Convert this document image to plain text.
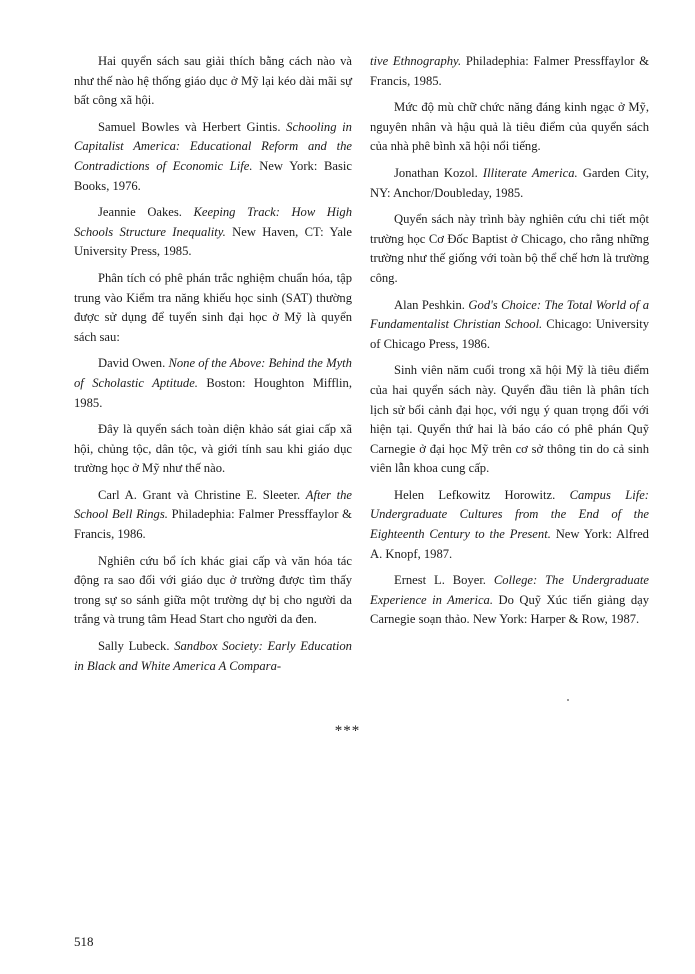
Hai quyển sách sau giải thích bằng cách nào và như thế nào hệ thống giáo dục ở Mỹ lại kéo dài mãi sự bất công xã hội.

Samuel Bowles và Herbert Gintis. Schooling in Capitalist America: Educational Reform and the Contradictions of Economic Life. New York: Basic Books, 1976.

Jeannie Oakes. Keeping Track: How High Schools Structure Inequality. New Haven, CT: Yale University Press, 1985.

Phân tích có phê phán trắc nghiệm chuẩn hóa, tập trung vào Kiểm tra năng khiếu học sinh (SAT) thường được sử dụng để tuyển sinh đại học ở Mỹ là quyển sách sau:

David Owen. None of the Above: Behind the Myth of Scholastic Aptitude. Boston: Houghton Mifflin, 1985.

Đây là quyển sách toàn diện khảo sát giai cấp xã hội, chủng tộc, dân tộc, và giới tính sau khi giáo dục trường học ở Mỹ như thế nào.

Carl A. Grant và Christine E. Sleeter. After the School Bell Rings. Philadephia: Falmer Pressffaylor & Francis, 1986.

Nghiên cứu bổ ích khác giai cấp và văn hóa tác động ra sao đối với giáo dục ở trường được tìm thấy trong sự so sánh giữa một trường dự bị cho người da trắng và trung tâm Head Start cho người da đen.

Sally Lubeck. Sandbox Society: Early Education in Black and White America A Compara-

tive Ethnography. Philadephia: Falmer Pressffaylor & Francis, 1985.

Mức độ mù chữ chức năng đáng kinh ngạc ở Mỹ, nguyên nhân và hậu quả là tiêu điểm của quyển sách của nhà phê bình xã hội nổi tiếng.

Jonathan Kozol. Illiterate America. Garden City, NY: Anchor/Doubleday, 1985.

Quyển sách này trình bày nghiên cứu chi tiết một trường học Cơ Đốc Baptist ở Chicago, cho rằng những trường như thế giống với toàn bộ thể chế hơn là trường công.

Alan Peshkin. God's Choice: The Total World of a Fundamentalist Christian School. Chicago: University of Chicago Press, 1986.

Sinh viên năm cuối trong xã hội Mỹ là tiêu điểm của hai quyển sách này. Quyển đầu tiên là phân tích lịch sử bối cảnh đại học, với ngụ ý quan trọng đối với hiện tại. Quyển thứ hai là báo cáo có phê phán Quỹ Carnegie ở đại học Mỹ trên cơ sở thông tin do cả sinh viên lẫn khoa cung cấp.

Helen Lefkowitz Horowitz. Campus Life: Undergraduate Cultures from the End of the Eighteenth Century to the Present. New York: Alfred A. Knopf, 1987.

Ernest L. Boyer. College: The Undergraduate Experience in America. Do Quỹ Xúc tiến giảng dạy Carnegie soạn thảo. New York: Harper & Row, 1987.

***
518
